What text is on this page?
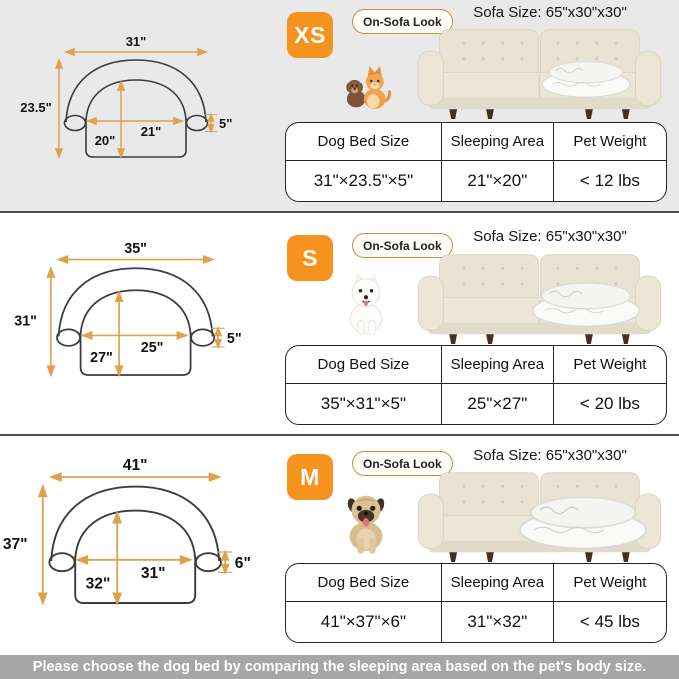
31"
23.5"
21"
20"
5"
XS	On-Sofa Look
Sofa Size: 65"x30"x30"
Dog Bed Size	Sleeping Area	Pet Weight
31"×23.5"×5"	21"×20"	< 12 lbs
35"
31"
25"
27"
5"
S	On-Sofa Look
Sofa Size: 65"x30"x30"
Dog Bed Size	Sleeping Area	Pet Weight
35"×31"×5"	25"×27"	< 20 lbs
41"
37"
31"
32"
6"
M	On-Sofa Look	Sofa Size: 65"x30"x30"
Dog Bed Size	Sleeping Area	Pet Weight
41"×37"×6"	31"×32"	< 45 lbs
Please choose the dog bed by comparing the sleeping area based on the pet's body size.
